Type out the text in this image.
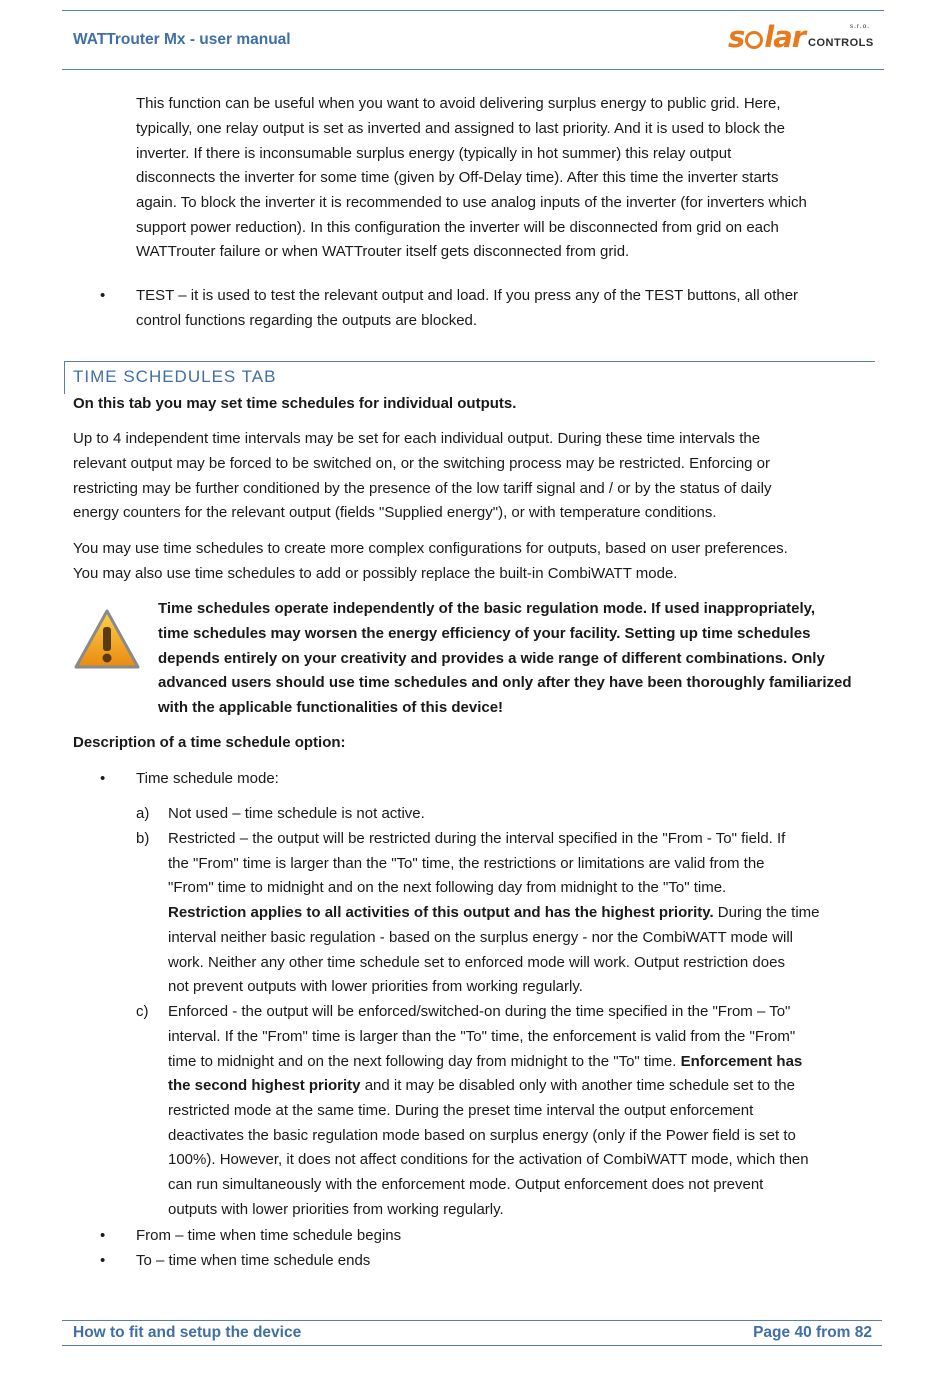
WATTrouter Mx - user manual
s.r.o.
s lar CONTROLS
This function can be useful when you want to avoid delivering surplus energy to public grid. Here,
typically, one relay output is set as inverted and assigned to last priority. And it is used to block the
inverter. If there is inconsumable surplus energy (typically in hot summer) this relay output
disconnects the inverter for some time (given by Off-Delay time). After this time the inverter starts
again. To block the inverter it is recommended to use analog inputs of the inverter (for inverters which
support power reduction). In this configuration the inverter will be disconnected from grid on each
WATTrouter failure or when WATTrouter itself gets disconnected from grid.
• TEST – it is used to test the relevant output and load. If you press any of the TEST buttons, all other
control functions regarding the outputs are blocked.
TIME SCHEDULES TAB
On this tab you may set time schedules for individual outputs.
Up to 4 independent time intervals may be set for each individual output. During these time intervals the
relevant output may be forced to be switched on, or the switching process may be restricted. Enforcing or
restricting may be further conditioned by the presence of the low tariff signal and / or by the status of daily
energy counters for the relevant output (fields "Supplied energy"), or with temperature conditions.
You may use time schedules to create more complex configurations for outputs, based on user preferences.
You may also use time schedules to add or possibly replace the built-in CombiWATT mode.
Time schedules operate independently of the basic regulation mode. If used inappropriately,
time schedules may worsen the energy efficiency of your facility. Setting up time schedules
depends entirely on your creativity and provides a wide range of different combinations. Only
advanced users should use time schedules and only after they have been thoroughly familiarized
with the applicable functionalities of this device!
Description of a time schedule option:
• Time schedule mode:
a) Not used – time schedule is not active.
b) Restricted – the output will be restricted during the interval specified in the "From - To" field. If
the "From" time is larger than the "To" time, the restrictions or limitations are valid from the
"From" time to midnight and on the next following day from midnight to the "To" time.
Restriction applies to all activities of this output and has the highest priority. During the time
interval neither basic regulation - based on the surplus energy - nor the CombiWATT mode will
work. Neither any other time schedule set to enforced mode will work. Output restriction does
not prevent outputs with lower priorities from working regularly.
c) Enforced - the output will be enforced/switched-on during the time specified in the "From – To"
interval. If the "From" time is larger than the "To" time, the enforcement is valid from the "From"
time to midnight and on the next following day from midnight to the "To" time. Enforcement has
the second highest priority and it may be disabled only with another time schedule set to the
restricted mode at the same time. During the preset time interval the output enforcement
deactivates the basic regulation mode based on surplus energy (only if the Power field is set to
100%). However, it does not affect conditions for the activation of CombiWATT mode, which then
can run simultaneously with the enforcement mode. Output enforcement does not prevent
outputs with lower priorities from working regularly.
• From – time when time schedule begins
• To – time when time schedule ends
How to fit and setup the device	Page 40 from 82
